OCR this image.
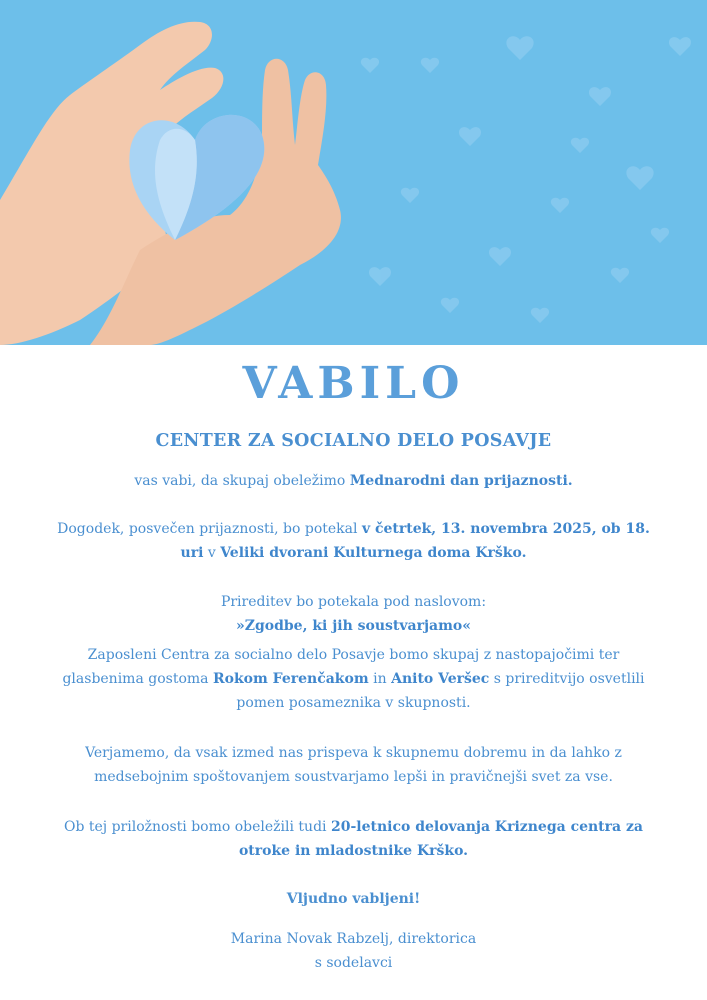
VABILO
CENTER ZA SOCIALNO DELO POSAVJE
vas vabi, da skupaj obeležimo Mednarodni dan prijaznosti.
Dogodek, posvečen prijaznosti, bo potekal v četrtek, 13. novembra 2025, ob 18. uri v Veliki dvorani Kulturnega doma Krško.
Prireditev bo potekala pod naslovom:
»Zgodbe, ki jih soustvarjamo«
Zaposleni Centra za socialno delo Posavje bomo skupaj z nastopajočimi ter glasbenima gostoma Rokom Ferenčakom in Anito Veršec s prireditvijo osvetlili pomen posameznika v skupnosti.
Verjamemo, da vsak izmed nas prispeva k skupnemu dobremu in da lahko z medsebojnim spoštovanjem soustvarjamo lepši in pravičnejši svet za vse.
Ob tej priložnosti bomo obeležili tudi 20-letnico delovanja Kriznega centra za otroke in mladostnike Krško.
Vljudno vabljeni!
Marina Novak Rabzelj, direktorica
s sodelavci
